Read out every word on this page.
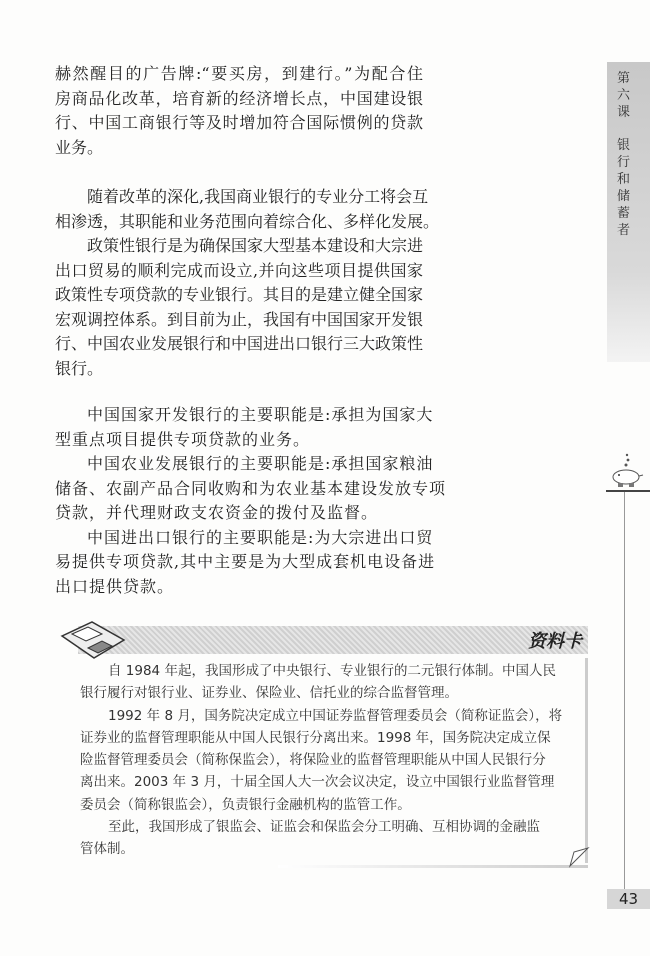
第六课
银行和储蓄者
43
赫然醒目的广告牌:“要买房，到建行。”为配合住
房商品化改革，培育新的经济增长点，中国建设银
行、中国工商银行等及时增加符合国际惯例的贷款
业务。
随着改革的深化,我国商业银行的专业分工将会互
相渗透，其职能和业务范围向着综合化、多样化发展。
政策性银行是为确保国家大型基本建设和大宗进
出口贸易的顺利完成而设立,并向这些项目提供国家
政策性专项贷款的专业银行。其目的是建立健全国家
宏观调控体系。到目前为止，我国有中国国家开发银
行、中国农业发展银行和中国进出口银行三大政策性
银行。
中国国家开发银行的主要职能是:承担为国家大
型重点项目提供专项贷款的业务。
中国农业发展银行的主要职能是:承担国家粮油
储备、农副产品合同收购和为农业基本建设发放专项
贷款，并代理财政支农资金的拨付及监督。
中国进出口银行的主要职能是:为大宗进出口贸
易提供专项贷款,其中主要是为大型成套机电设备进
出口提供贷款。
资料卡
自 1984 年起，我国形成了中央银行、专业银行的二元银行体制。中国人民
银行履行对银行业、证券业、保险业、信托业的综合监督管理。
1992 年 8 月，国务院决定成立中国证券监督管理委员会（简称证监会），将
证券业的监督管理职能从中国人民银行分离出来。1998 年，国务院决定成立保
险监督管理委员会（简称保监会），将保险业的监督管理职能从中国人民银行分
离出来。2003 年 3 月，十届全国人大一次会议决定，设立中国银行业监督管理
委员会（简称银监会），负责银行金融机构的监管工作。
至此，我国形成了银监会、证监会和保监会分工明确、互相协调的金融监
管体制。
